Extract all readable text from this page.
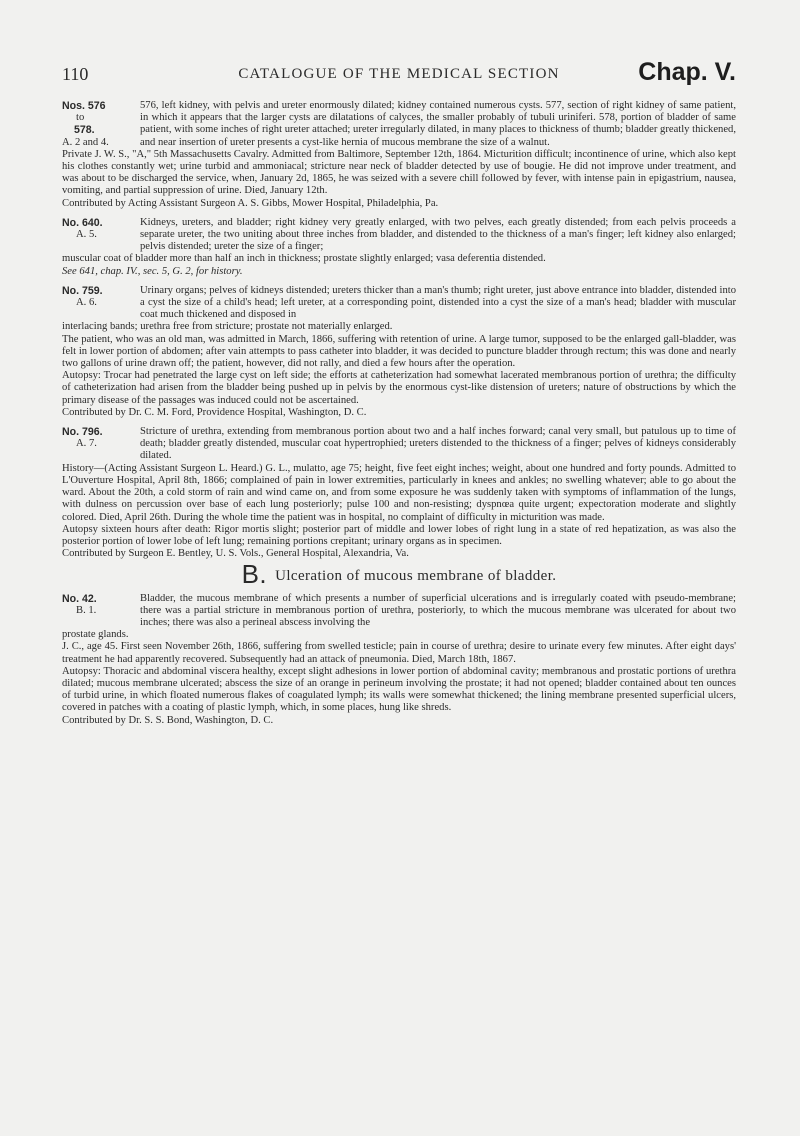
110	CATALOGUE OF THE MEDICAL SECTION	Chap. V.
Nos. 576
to
578.
A. 2 and 4.
576, left kidney, with pelvis and ureter enormously dilated; kidney contained numerous cysts. 577, section of right kidney of same patient, in which it appears that the larger cysts are dilatations of calyces, the smaller probably of tubuli uriniferi. 578, portion of bladder of same patient, with some inches of right ureter attached; ureter irregularly dilated, in many places to thickness of thumb; bladder greatly thickened, and near insertion of ureter presents a cyst-like hernia of mucous membrane the size of a walnut.

Private J. W. S., "A," 5th Massachusetts Cavalry. Admitted from Baltimore, September 12th, 1864. Micturition difficult; incontinence of urine, which also kept his clothes constantly wet; urine turbid and ammoniacal; stricture near neck of bladder detected by use of bougie. He did not improve under treatment, and was about to be discharged the service, when, January 2d, 1865, he was seized with a severe chill followed by fever, with intense pain in epigastrium, nausea, vomiting, and partial suppression of urine. Died, January 12th.

Contributed by Acting Assistant Surgeon A. S. Gibbs, Mower Hospital, Philadelphia, Pa.

No. 640.
A. 5.
Kidneys, ureters, and bladder; right kidney very greatly enlarged, with two pelves, each greatly distended; from each pelvis proceeds a separate ureter, the two uniting about three inches from bladder, and distended to the thickness of a man's finger; left kidney also enlarged; pelvis distended; ureter the size of a finger;

muscular coat of bladder more than half an inch in thickness; prostate slightly enlarged; vasa deferentia distended.

See 641, chap. IV., sec. 5, G. 2, for history.

No. 759.
A. 6.
Urinary organs; pelves of kidneys distended; ureters thicker than a man's thumb; right ureter, just above entrance into bladder, distended into a cyst the size of a child's head; left ureter, at a corresponding point, distended into a cyst the size of a man's head; bladder with muscular coat much thickened and disposed in

interlacing bands; urethra free from stricture; prostate not materially enlarged.

The patient, who was an old man, was admitted in March, 1866, suffering with retention of urine. A large tumor, supposed to be the enlarged gall-bladder, was felt in lower portion of abdomen; after vain attempts to pass catheter into bladder, it was decided to puncture bladder through rectum; this was done and nearly two gallons of urine drawn off; the patient, however, did not rally, and died a few hours after the operation.

Autopsy: Trocar had penetrated the large cyst on left side; the efforts at catheterization had somewhat lacerated membranous portion of urethra; the difficulty of catheterization had arisen from the bladder being pushed up in pelvis by the enormous cyst-like distension of ureters; nature of obstructions by which the primary disease of the passages was induced could not be ascertained.

Contributed by Dr. C. M. Ford, Providence Hospital, Washington, D. C.

No. 796.
A. 7.
Stricture of urethra, extending from membranous portion about two and a half inches forward; canal very small, but patulous up to time of death; bladder greatly distended, muscular coat hypertrophied; ureters distended to the thickness of a finger; pelves of kidneys considerably dilated.

History—(Acting Assistant Surgeon L. Heard.) G. L., mulatto, age 75; height, five feet eight inches; weight, about one hundred and forty pounds. Admitted to L'Ouverture Hospital, April 8th, 1866; complained of pain in lower extremities, particularly in knees and ankles; no swelling whatever; able to go about the ward. About the 20th, a cold storm of rain and wind came on, and from some exposure he was suddenly taken with symptoms of inflammation of the lungs, with dulness on percussion over base of each lung posteriorly; pulse 100 and non-resisting; dyspnœa quite urgent; expectoration moderate and slightly colored. Died, April 26th. During the whole time the patient was in hospital, no complaint of difficulty in micturition was made.

Autopsy sixteen hours after death: Rigor mortis slight; posterior part of middle and lower lobes of right lung in a state of red hepatization, as was also the posterior portion of lower lobe of left lung; remaining portions crepitant; urinary organs as in specimen.

Contributed by Surgeon E. Bentley, U. S. Vols., General Hospital, Alexandria, Va.

B. Ulceration of mucous membrane of bladder.
No. 42.
B. 1.
Bladder, the mucous membrane of which presents a number of superficial ulcerations and is irregularly coated with pseudo-membrane; there was a partial stricture in membranous portion of urethra, posteriorly, to which the mucous membrane was ulcerated for about two inches; there was also a perineal abscess involving the

prostate glands.

J. C., age 45. First seen November 26th, 1866, suffering from swelled testicle; pain in course of urethra; desire to urinate every few minutes. After eight days' treatment he had apparently recovered. Subsequently had an attack of pneumonia. Died, March 18th, 1867.

Autopsy: Thoracic and abdominal viscera healthy, except slight adhesions in lower portion of abdominal cavity; membranous and prostatic portions of urethra dilated; mucous membrane ulcerated; abscess the size of an orange in perineum involving the prostate; it had not opened; bladder contained about ten ounces of turbid urine, in which floated numerous flakes of coagulated lymph; its walls were somewhat thickened; the lining membrane presented superficial ulcers, covered in patches with a coating of plastic lymph, which, in some places, hung like shreds.

Contributed by Dr. S. S. Bond, Washington, D. C.
